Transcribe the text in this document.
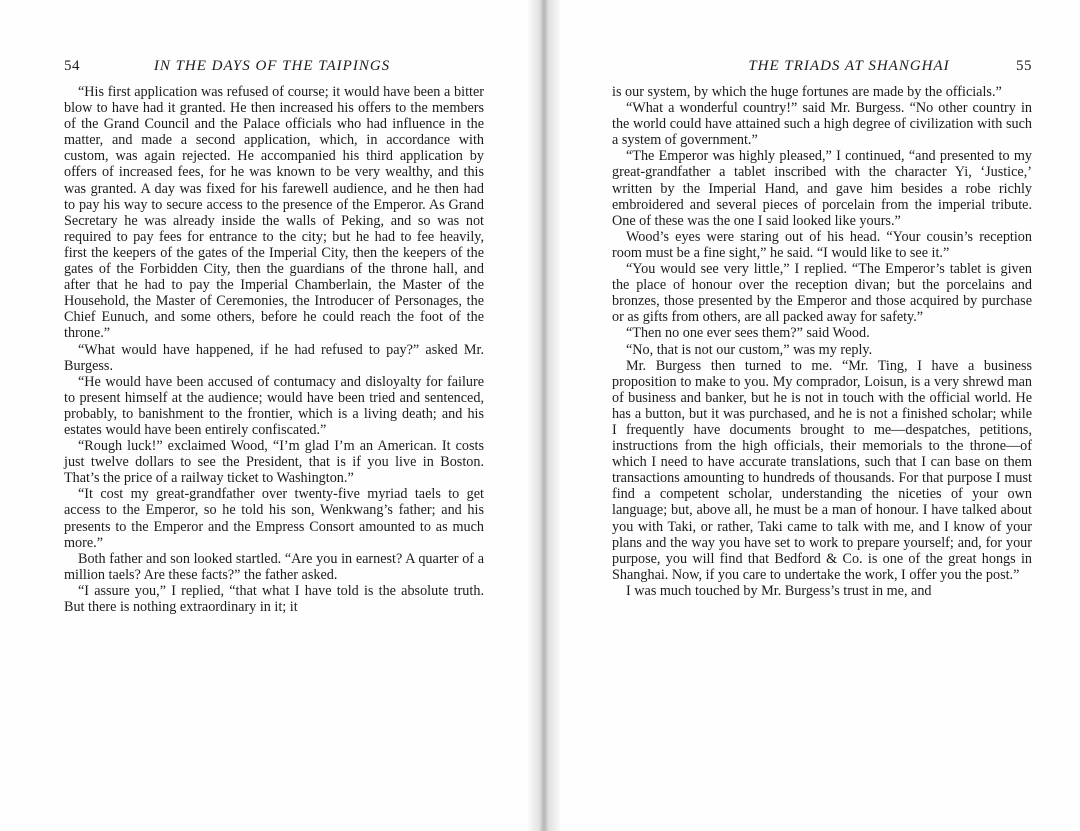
54	IN THE DAYS OF THE TAIPINGS

“His first application was refused of course; it would have been a bitter blow to have had it granted. He then increased his offers to the members of the Grand Council and the Palace officials who had influence in the matter, and made a second application, which, in accordance with custom, was again rejected. He accompanied his third application by offers of increased fees, for he was known to be very wealthy, and this was granted. A day was fixed for his farewell audience, and he then had to pay his way to secure access to the presence of the Emperor. As Grand Secretary he was already inside the walls of Peking, and so was not required to pay fees for entrance to the city; but he had to fee heavily, first the keepers of the gates of the Imperial City, then the keepers of the gates of the Forbidden City, then the guardians of the throne hall, and after that he had to pay the Imperial Chamberlain, the Master of the Household, the Master of Ceremonies, the Introducer of Personages, the Chief Eunuch, and some others, before he could reach the foot of the throne.”

“What would have happened, if he had refused to pay?” asked Mr. Burgess.

“He would have been accused of contumacy and disloyalty for failure to present himself at the audience; would have been tried and sentenced, probably, to banishment to the frontier, which is a living death; and his estates would have been entirely confiscated.”

“Rough luck!” exclaimed Wood, “I’m glad I’m an American. It costs just twelve dollars to see the President, that is if you live in Boston. That’s the price of a railway ticket to Washington.”

“It cost my great-grandfather over twenty-five myriad taels to get access to the Emperor, so he told his son, Wenkwang’s father; and his presents to the Emperor and the Empress Consort amounted to as much more.”

Both father and son looked startled. “Are you in earnest? A quarter of a million taels? Are these facts?” the father asked.

“I assure you,” I replied, “that what I have told is the absolute truth. But there is nothing extraordinary in it; it

THE TRIADS AT SHANGHAI	55

is our system, by which the huge fortunes are made by the officials.”

“What a wonderful country!” said Mr. Burgess. “No other country in the world could have attained such a high degree of civilization with such a system of government.”

“The Emperor was highly pleased,” I continued, “and presented to my great-grandfather a tablet inscribed with the character Yi, ‘Justice,’ written by the Imperial Hand, and gave him besides a robe richly embroidered and several pieces of porcelain from the imperial tribute. One of these was the one I said looked like yours.”

Wood’s eyes were staring out of his head. “Your cousin’s reception room must be a fine sight,” he said. “I would like to see it.”

“You would see very little,” I replied. “The Emperor’s tablet is given the place of honour over the reception divan; but the porcelains and bronzes, those presented by the Emperor and those acquired by purchase or as gifts from others, are all packed away for safety.”

“Then no one ever sees them?” said Wood.

“No, that is not our custom,” was my reply.

Mr. Burgess then turned to me. “Mr. Ting, I have a business proposition to make to you. My comprador, Loisun, is a very shrewd man of business and banker, but he is not in touch with the official world. He has a button, but it was purchased, and he is not a finished scholar; while I frequently have documents brought to me—despatches, petitions, instructions from the high officials, their memorials to the throne—of which I need to have accurate translations, such that I can base on them transactions amounting to hundreds of thousands. For that purpose I must find a competent scholar, understanding the niceties of your own language; but, above all, he must be a man of honour. I have talked about you with Taki, or rather, Taki came to talk with me, and I know of your plans and the way you have set to work to prepare yourself; and, for your purpose, you will find that Bedford & Co. is one of the great hongs in Shanghai. Now, if you care to undertake the work, I offer you the post.”

I was much touched by Mr. Burgess’s trust in me, and
